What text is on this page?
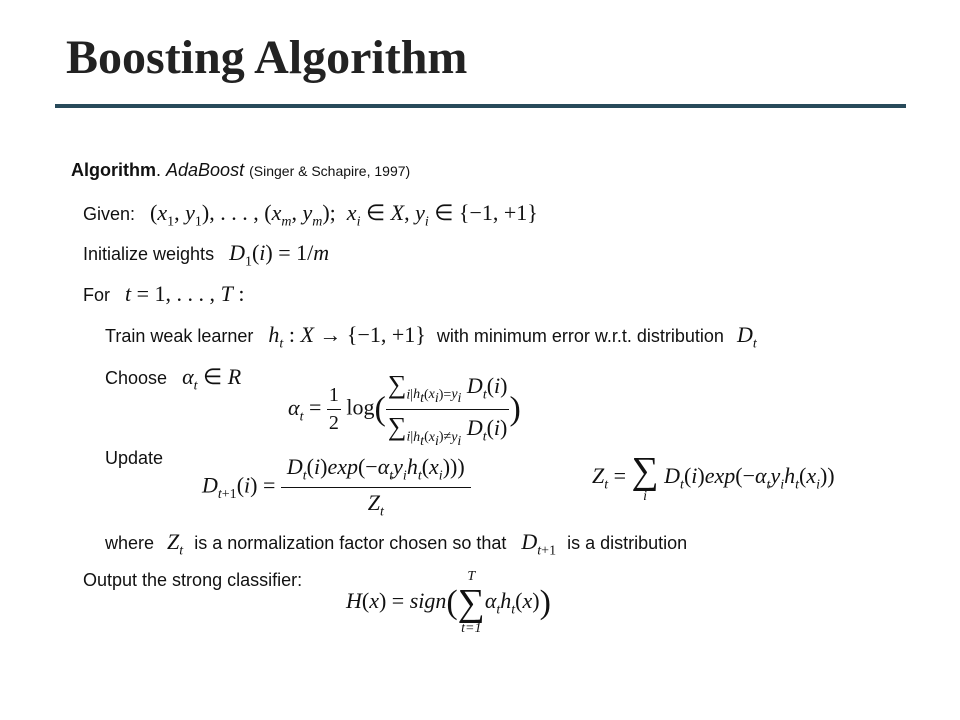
Boosting Algorithm
Algorithm. AdaBoost (Singer & Schapire, 1997)
Given: ($x_1$, $y_1$), . . . , ($x_m$, $y_m$);  $x_i$ ∈ X, $y_i$ ∈ {−1, +1}
Initialize weights $D_1(i) = 1/m$
For t = 1, . . . , T :
Train weak learner $h_t$ : X → {−1, +1} with minimum error w.r.t. distribution $D_t$
Choose $\alpha_t$ ∈ R
$\alpha_t = \frac{1}{2} \log( \frac{\sum_{i|h_t(x_i)=y_i} D_t(i)}{\sum_{i|h_t(x_i)\ne y_i} D_t(i)}$ )
Update
$D_{t+1}(i) = \frac{D_t(i)\exp(-\alpha_ty_ih_t(x_i)))}{Z_t}$	$Z_t$ = ∑
i
$D_t(i)\exp(-\alpha_ty_ih_t(x_i))$
where $Z_t$ is a normalization factor chosen so that $D_{t+1}$ is a distribution
Output the strong classifier:
H(x) = sign(
T
∑
t=1
$\alpha_th_t(x)$)
